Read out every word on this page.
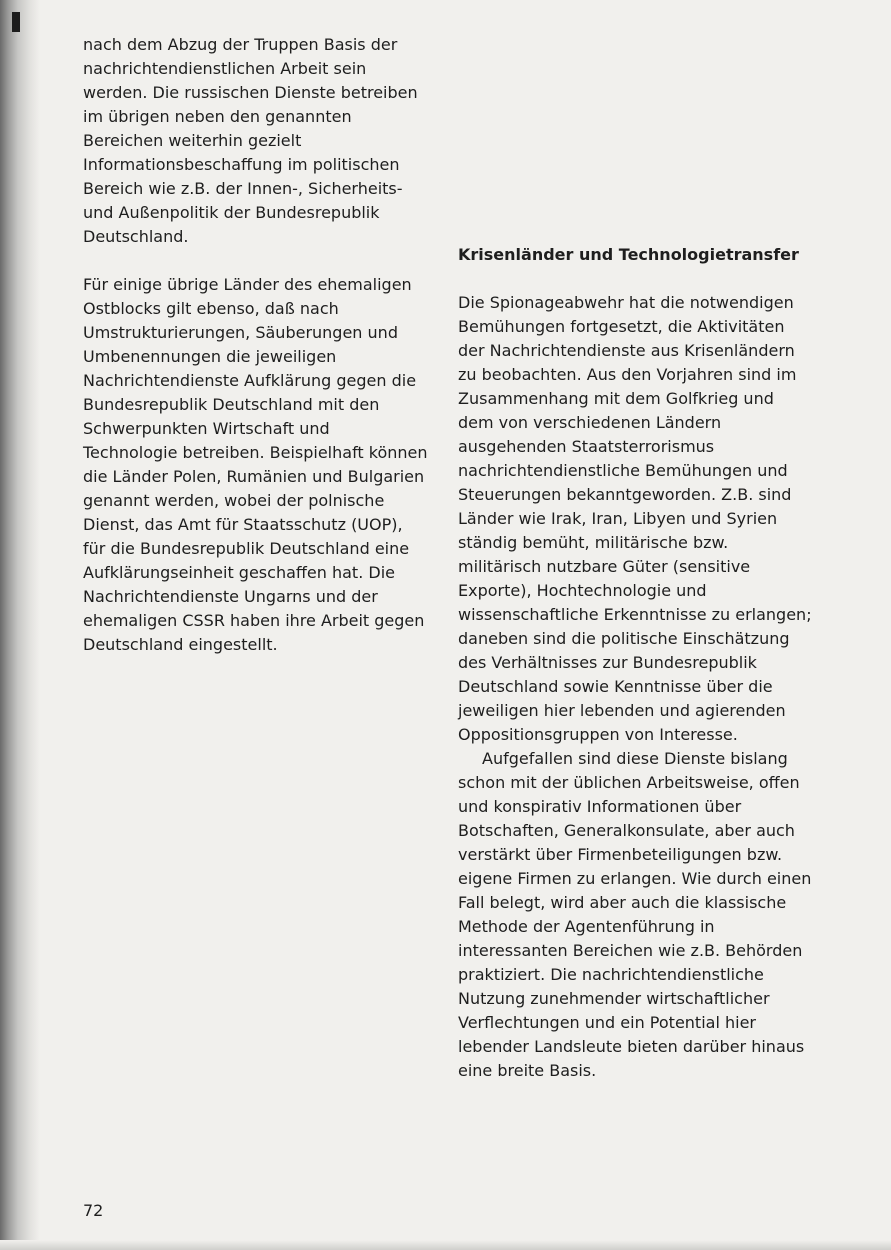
nach dem Abzug der Truppen Basis der nachrichtendienstlichen Arbeit sein werden. Die russischen Dienste betreiben im übrigen neben den genannten Bereichen weiterhin gezielt Informationsbeschaffung im politischen Bereich wie z.B. der Innen-, Sicherheits- und Außenpolitik der Bundesrepublik Deutschland.

Für einige übrige Länder des ehemaligen Ostblocks gilt ebenso, daß nach Umstrukturierungen, Säuberungen und Umbenennungen die jeweiligen Nachrichtendienste Aufklärung gegen die Bundesrepublik Deutschland mit den Schwerpunkten Wirtschaft und Technologie betreiben. Beispielhaft können die Länder Polen, Rumänien und Bulgarien genannt werden, wobei der polnische Dienst, das Amt für Staatsschutz (UOP), für die Bundesrepublik Deutschland eine Aufklärungseinheit geschaffen hat. Die Nachrichtendienste Ungarns und der ehemaligen CSSR haben ihre Arbeit gegen Deutschland eingestellt.

Krisenländer und Technologietransfer

Die Spionageabwehr hat die notwendigen Bemühungen fortgesetzt, die Aktivitäten der Nachrichtendienste aus Krisenländern zu beobachten. Aus den Vorjahren sind im Zusammenhang mit dem Golfkrieg und dem von verschiedenen Ländern ausgehenden Staatsterrorismus nachrichtendienstliche Bemühungen und Steuerungen bekanntgeworden. Z.B. sind Länder wie Irak, Iran, Libyen und Syrien ständig bemüht, militärische bzw. militärisch nutzbare Güter (sensitive Exporte), Hochtechnologie und wissenschaftliche Erkenntnisse zu erlangen; daneben sind die politische Einschätzung des Verhältnisses zur Bundesrepublik Deutschland sowie Kenntnisse über die jeweiligen hier lebenden und agierenden Oppositionsgruppen von Interesse.

Aufgefallen sind diese Dienste bislang schon mit der üblichen Arbeitsweise, offen und konspirativ Informationen über Botschaften, Generalkonsulate, aber auch verstärkt über Firmenbeteiligungen bzw. eigene Firmen zu erlangen. Wie durch einen Fall belegt, wird aber auch die klassische Methode der Agentenführung in interessanten Bereichen wie z.B. Behörden praktiziert. Die nachrichtendienstliche Nutzung zunehmender wirtschaftlicher Verflechtungen und ein Potential hier lebender Landsleute bieten darüber hinaus eine breite Basis.

72
